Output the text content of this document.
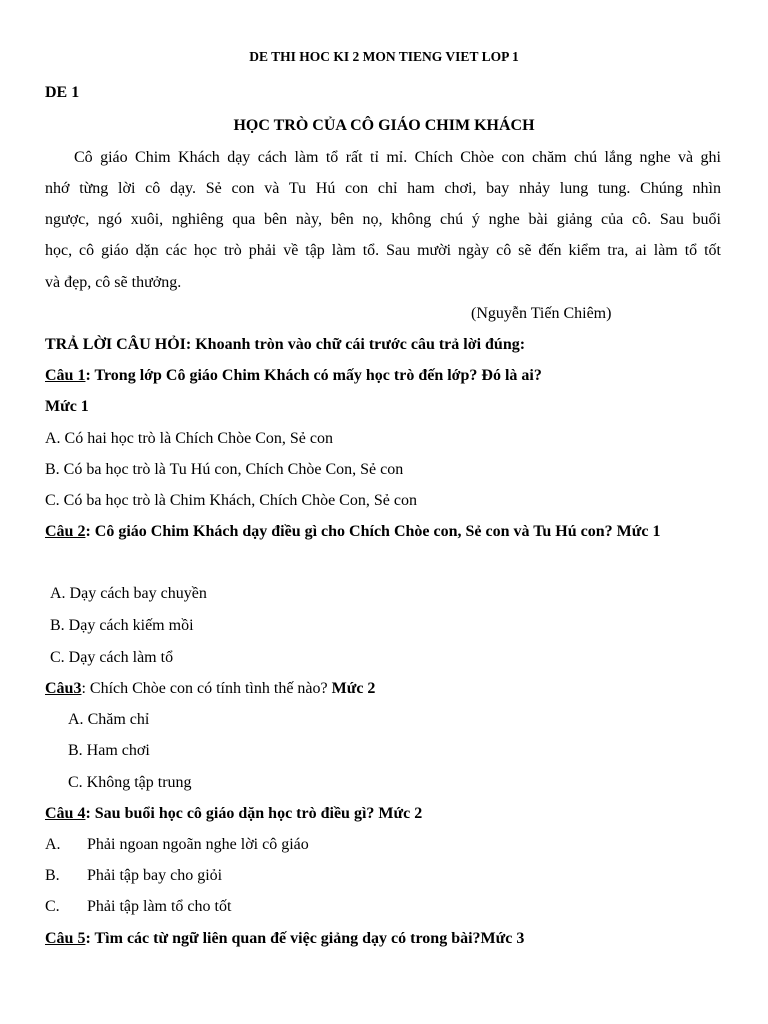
DE THI HOC KI 2 MON TIENG VIET LOP 1
DE 1
HỌC TRÒ CỦA CÔ GIÁO CHIM KHÁCH
Cô giáo Chim Khách dạy cách làm tổ rất tỉ mỉ. Chích Chòe con chăm chú lắng nghe và ghi
nhớ từng lời cô dạy. Sẻ con và Tu Hú con chỉ ham chơi, bay nhảy lung tung. Chúng nhìn
ngược, ngó xuôi, nghiêng qua bên này, bên nọ, không chú ý nghe bài giảng của cô. Sau buổi
học, cô giáo dặn các học trò phải về tập làm tổ. Sau mười ngày cô sẽ đến kiểm tra, ai làm tổ tốt
và đẹp, cô sẽ thưởng.
(Nguyễn Tiến Chiêm)
TRẢ LỜI CÂU HỎI: Khoanh tròn vào chữ cái trước câu trả lời đúng:
Câu 1: Trong lớp Cô giáo Chim Khách có mấy học trò đến lớp? Đó là ai?
Mức 1
A. Có hai học trò là Chích Chòe Con, Sẻ con
B. Có ba học trò là Tu Hú con, Chích Chòe Con, Sẻ con
C. Có ba học trò là Chim Khách, Chích Chòe Con, Sẻ con
Câu 2: Cô giáo Chim Khách dạy điều gì cho Chích Chòe con, Sẻ con và Tu Hú con? Mức 1
A. Dạy cách bay chuyền
B. Dạy cách kiếm mồi
C. Dạy cách làm tổ
Câu3: Chích Chòe con có tính tình thế nào? Mức 2
A. Chăm chỉ
B. Ham chơi
C. Không tập trung
Câu 4: Sau buổi học cô giáo dặn học trò điều gì? Mức 2
A. Phải ngoan ngoãn nghe lời cô giáo
B. Phải tập bay cho giỏi
C. Phải tập làm tổ cho tốt
Câu 5: Tìm các từ ngữ liên quan đế việc giảng dạy có trong bài?Mức 3
